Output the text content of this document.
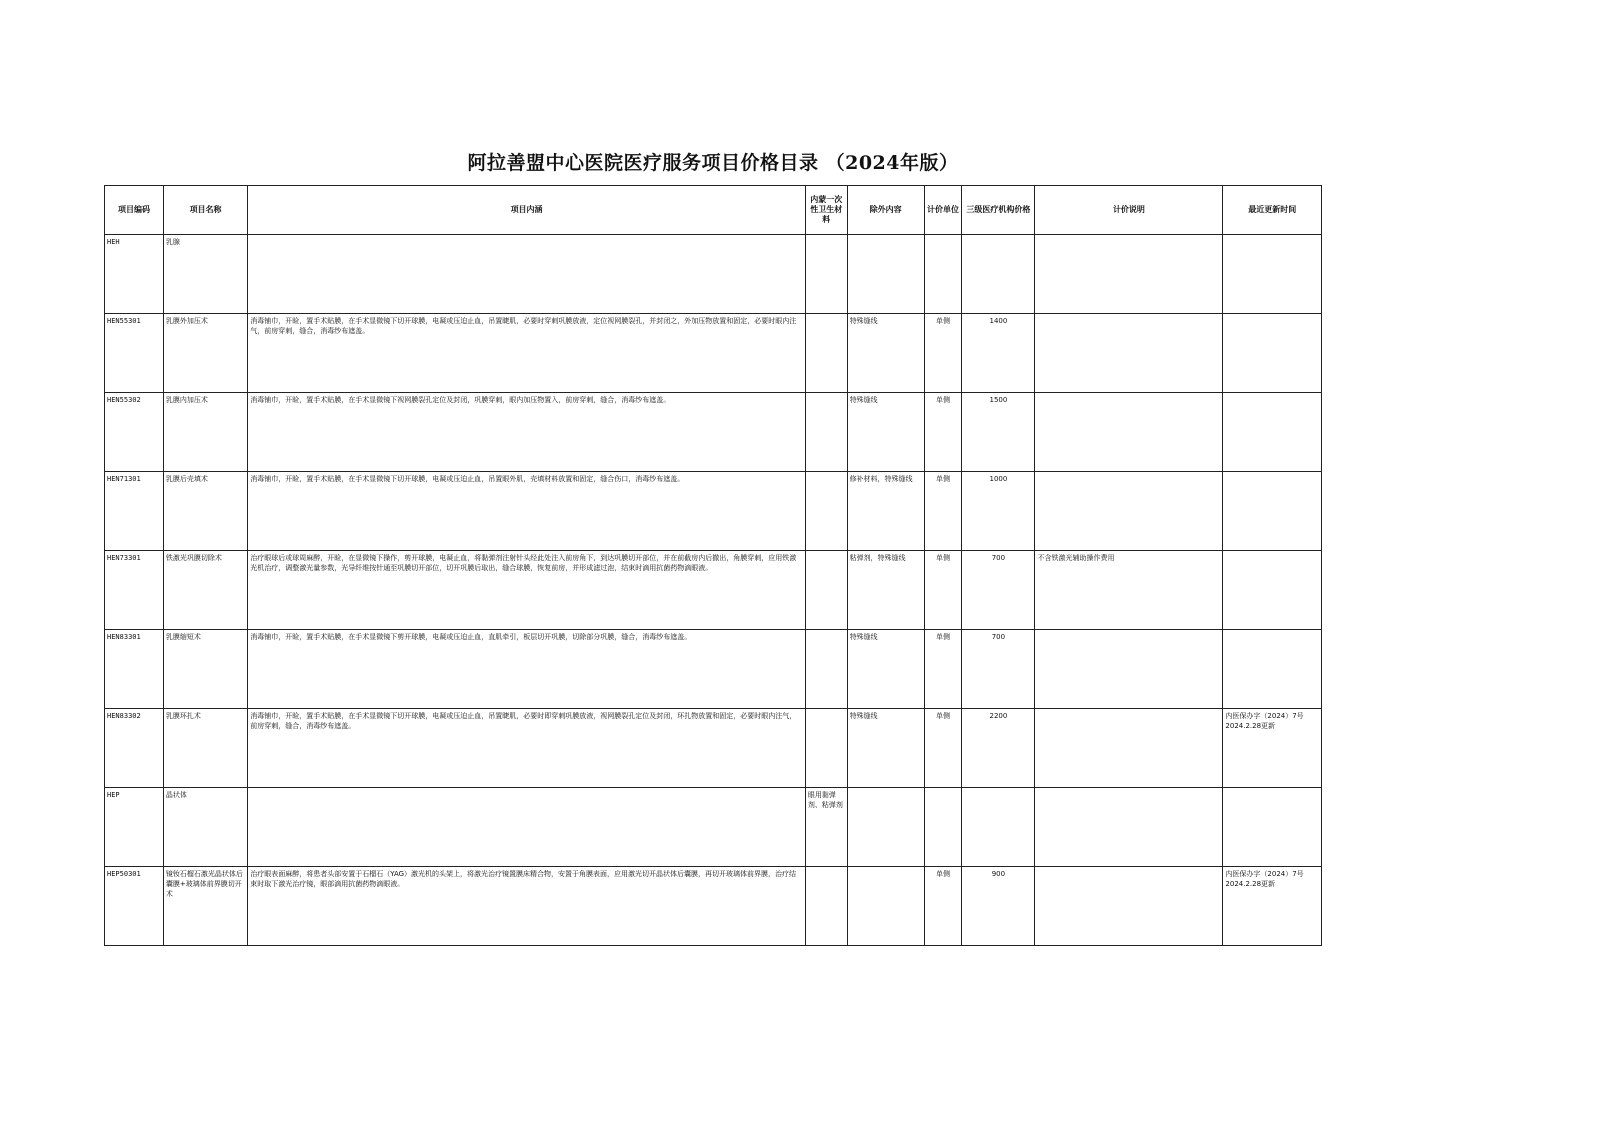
阿拉善盟中心医院医疗服务项目价格目录 （2024年版）
项目编码	项目名称	项目内涵	内蒙一次性卫生材料	除外内容	计价单位	三级医疗机构价格	计价说明	最近更新时间
HEH	乳腺							
HEN55301	乳膜外加压术	消毒铺巾，开睑，置手术贴膜，在手术显微镜下切开球膜，电凝或压迫止血，吊置睫肌，必要时穿刺巩膜放液，定位视网膜裂孔，并封闭之，外加压物放置和固定，必要时眼内注气，前房穿刺，缝合，消毒纱布遮盖。		特殊缝线	单侧	1400		
HEN55302	乳膜内加压术	消毒铺巾，开睑，置手术贴膜，在手术显微镜下视网膜裂孔定位及封闭，巩膜穿刺，眼内加压物置入，前房穿刺，缝合，消毒纱布遮盖。		特殊缝线	单侧	1500		
HEN71301	乳膜后壳填术	消毒铺巾，开睑，置手术贴膜，在手术显微镜下切开球膜，电凝或压迫止血，吊置眼外肌，壳填材料放置和固定，缝合伤口，消毒纱布遮盖。		修补材料，特殊缝线	单侧	1000		
HEN73301	铁激光巩膜切除术	治疗眼球后或球周麻醉，开睑，在显微镜下操作，剪开球膜，电凝止血，将黏弹剂注射针头经此处注入前房角下，到达巩膜切开部位，并在前截房内后撤出，角膜穿刺，应用铁激光机治疗，调整激光量参数，光导纤维按针通至巩膜切开部位，切开巩膜后取出，缝合球膜，恢复前房，并形成滤过泡，结束时滴用抗菌药物滴眼液。		粘弹剂，特殊缝线	单侧	700	不含铁激光辅助操作费用	
HEN83301	乳膜缩短术	消毒铺巾，开睑，置手术贴膜，在手术显微镜下剪开球膜，电凝或压迫止血，直肌牵引，板层切开巩膜，切除部分巩膜，缝合，消毒纱布遮盖。		特殊缝线	单侧	700		
HEN83302	乳膜环扎术	消毒铺巾，开睑，置手术贴膜，在手术显微镜下切开球膜，电凝或压迫止血，吊置睫肌，必要时即穿刺巩膜放液，视网膜裂孔定位及封闭，环扎物放置和固定，必要时眼内注气，前房穿刺，缝合，消毒纱布遮盖。		特殊缝线	单侧	2200		内医保办字（2024）7号 2024.2.28更新
HEP	晶状体		眼用黏弹剂、粘弹剂					
HEP50301	镜钕石榴石激光晶状体后囊膜+玻璃体前界膜切开术	治疗眼表面麻醉，将患者头部安置于石榴石（YAG）激光机的头架上，将激光治疗镜置膜床精合物，安置于角膜表面，应用激光切开晶状体后囊膜，再切开玻璃体前界膜，治疗结束时取下激光治疗镜，眼部滴用抗菌药物滴眼液。			单侧	900		内医保办字（2024）7号 2024.2.28更新
